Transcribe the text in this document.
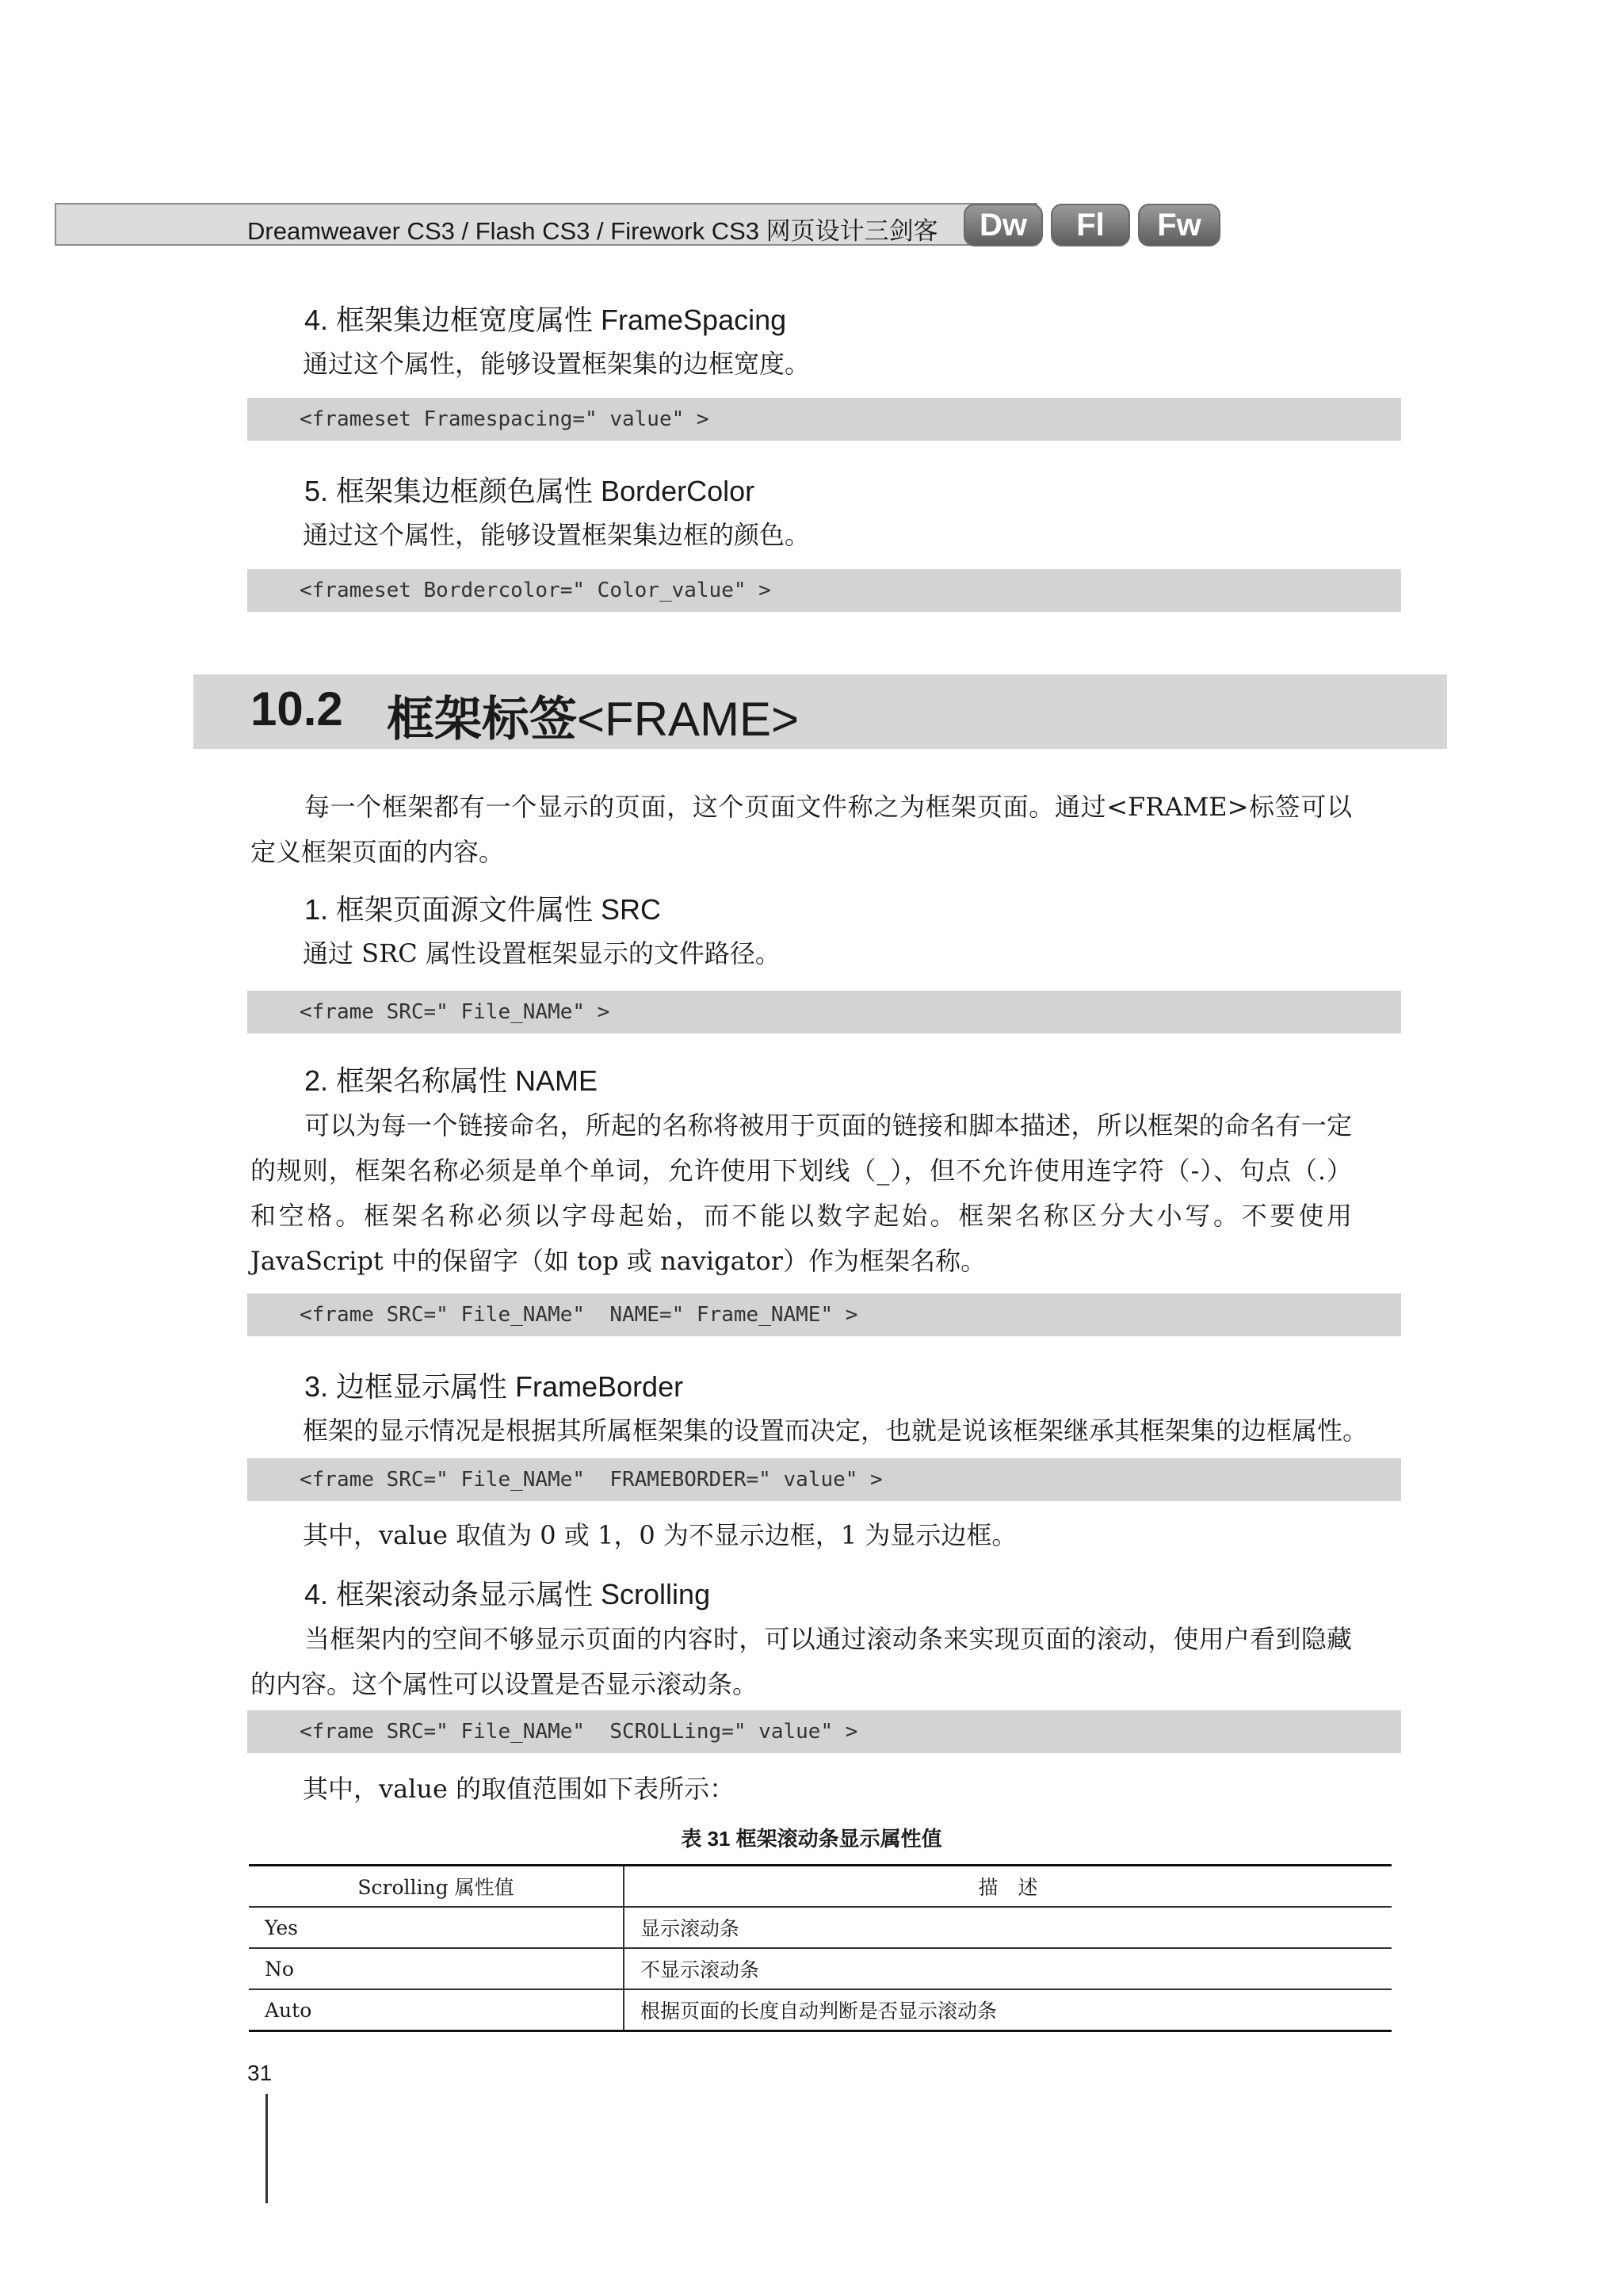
Dreamweaver CS3 / Flash CS3 / Firework CS3 网页设计三剑客	Dw	Fl	Fw
4. 框架集边框宽度属性 FrameSpacing
通过这个属性，能够设置框架集的边框宽度。
<frameset Framespacing=" value" >
5. 框架集边框颜色属性 BorderColor
通过这个属性，能够设置框架集边框的颜色。
<frameset Bordercolor=" Color_value" >
10.2 框架标签<FRAME>
每一个框架都有一个显示的页面，这个页面文件称之为框架页面。通过<FRAME>标签可以定义框架页面的内容。
1. 框架页面源文件属性 SRC
通过 SRC 属性设置框架显示的文件路径。
<frame SRC=" File_NAMe" >
2. 框架名称属性 NAME
可以为每一个链接命名，所起的名称将被用于页面的链接和脚本描述，所以框架的命名有一定的规则，框架名称必须是单个单词，允许使用下划线（_），但不允许使用连字符（-）、句点（.） 和空格。框架名称必须以字母起始，而不能以数字起始。框架名称区分大小写。不要使用 JavaScript 中的保留字（如 top 或 navigator）作为框架名称。
<frame SRC=" File_NAMe"  NAME=" Frame_NAME" >
3. 边框显示属性 FrameBorder
框架的显示情况是根据其所属框架集的设置而决定，也就是说该框架继承其框架集的边框属性。
<frame SRC=" File_NAMe"  FRAMEBORDER=" value" >
其中，value 取值为 0 或 1，0 为不显示边框，1 为显示边框。
4. 框架滚动条显示属性 Scrolling
当框架内的空间不够显示页面的内容时，可以通过滚动条来实现页面的滚动，使用户看到隐藏的内容。这个属性可以设置是否显示滚动条。
<frame SRC=" File_NAMe"  SCROLLing=" value" >
其中，value 的取值范围如下表所示：
表 31 框架滚动条显示属性值
Scrolling 属性值	描　述
Yes	显示滚动条
No	不显示滚动条
Auto	根据页面的长度自动判断是否显示滚动条
31
